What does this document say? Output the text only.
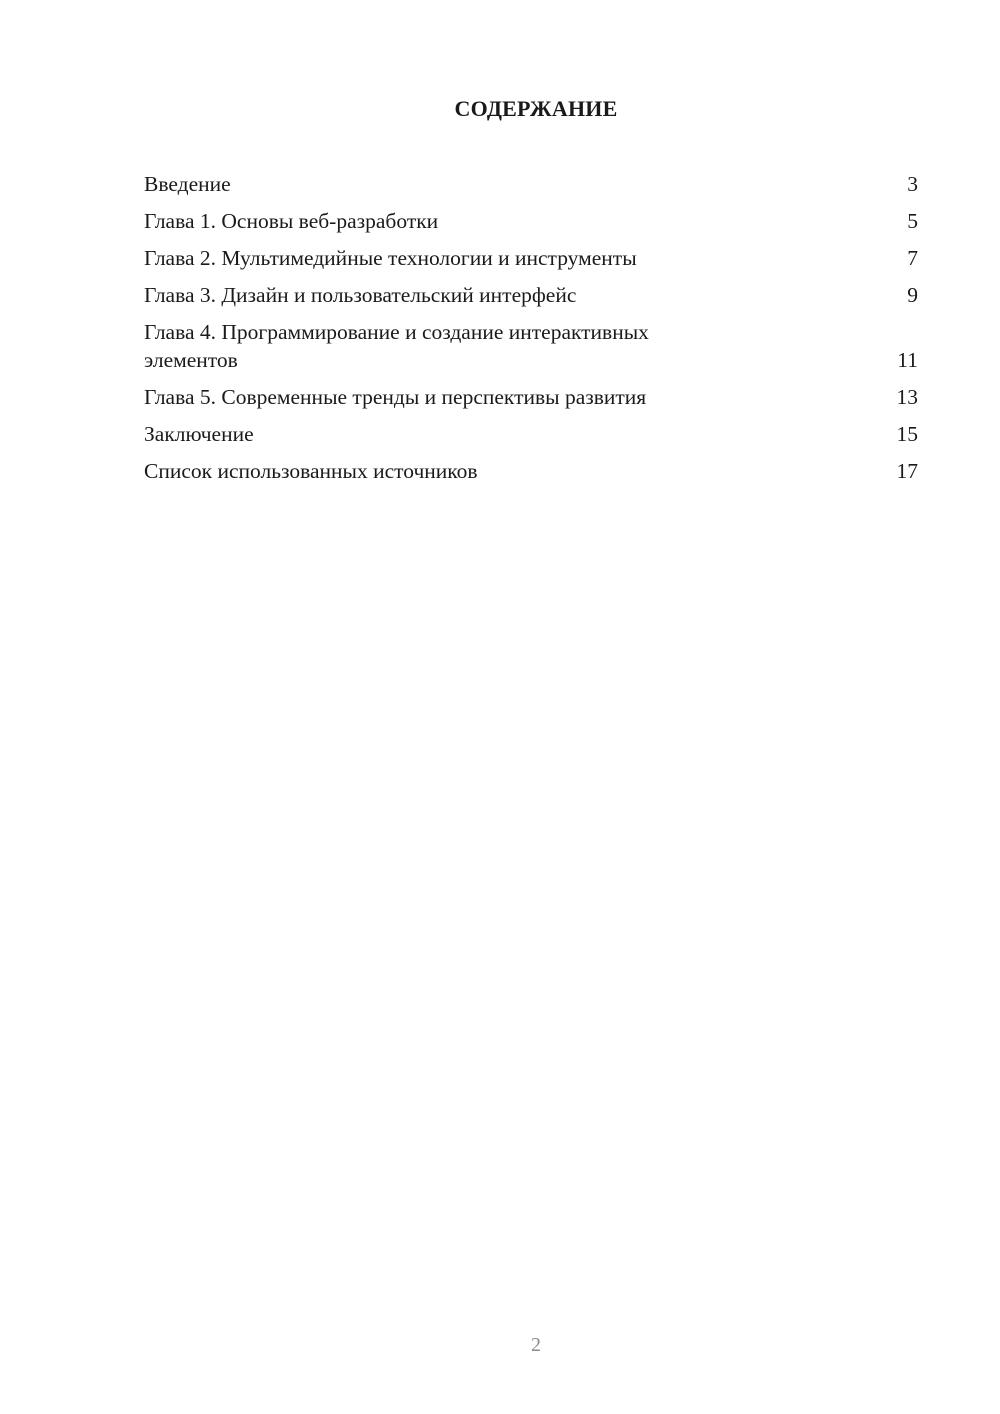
СОДЕРЖАНИЕ
Введение	3
Глава 1. Основы веб-разработки	5
Глава 2. Мультимедийные технологии и инструменты	7
Глава 3. Дизайн и пользовательский интерфейс	9
Глава 4. Программирование и создание интерактивных элементов	11
Глава 5. Современные тренды и перспективы развития	13
Заключение	15
Список использованных источников	17
2
